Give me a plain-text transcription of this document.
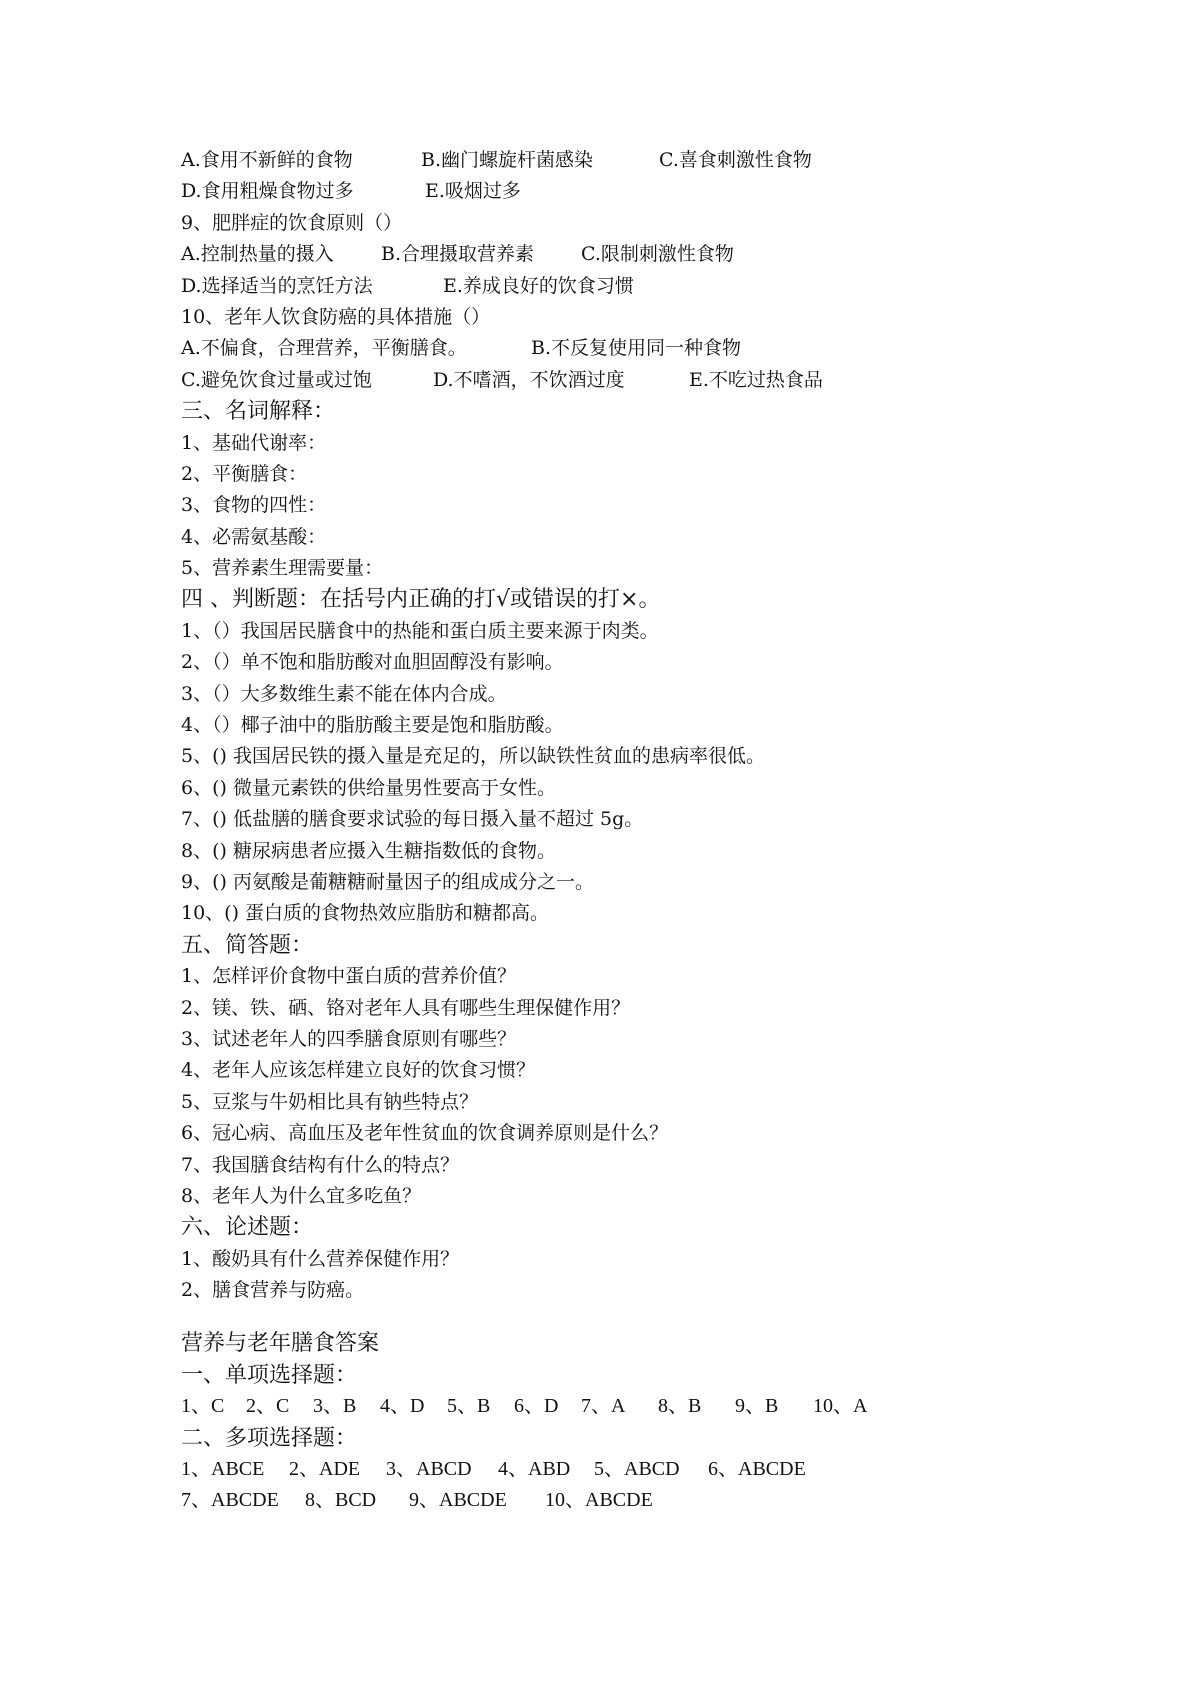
A.食用不新鲜的食物	B.幽门螺旋杆菌感染	C.喜食刺激性食物
D.食用粗燥食物过多	E.吸烟过多
9、肥胖症的饮食原则（）
A.控制热量的摄入 B.合理摄取营养素 C.限制刺激性食物
D.选择适当的烹饪方法	E.养成良好的饮食习惯
10、老年人饮食防癌的具体措施（）
A.不偏食，合理营养，平衡膳食。	B.不反复使用同一种食物
C.避免饮食过量或过饱	D.不嗜酒，不饮酒过度	E.不吃过热食品
三、名词解释：
1、基础代谢率：
2、平衡膳食：
3、食物的四性：
4、必需氨基酸：
5、营养素生理需要量：
四 、判断题：在括号内正确的打√或错误的打×。
1、（）我国居民膳食中的热能和蛋白质主要来源于肉类。
2、（）单不饱和脂肪酸对血胆固醇没有影响。
3、（）大多数维生素不能在体内合成。
4、（）椰子油中的脂肪酸主要是饱和脂肪酸。
5、() 我国居民铁的摄入量是充足的，所以缺铁性贫血的患病率很低。
6、() 微量元素铁的供给量男性要高于女性。
7、() 低盐膳的膳食要求试验的每日摄入量不超过 5g。
8、() 糖尿病患者应摄入生糖指数低的食物。
9、() 丙氨酸是葡糖糖耐量因子的组成成分之一。
10、() 蛋白质的食物热效应脂肪和糖都高。
五、简答题：
1、怎样评价食物中蛋白质的营养价值？
2、镁、铁、硒、铬对老年人具有哪些生理保健作用？
3、试述老年人的四季膳食原则有哪些？
4、老年人应该怎样建立良好的饮食习惯？
5、豆浆与牛奶相比具有钠些特点？
6、冠心病、高血压及老年性贫血的饮食调养原则是什么？
7、我国膳食结构有什么的特点？
8、老年人为什么宜多吃鱼？
六、论述题：
1、酸奶具有什么营养保健作用？
2、膳食营养与防癌。
营养与老年膳食答案
一、单项选择题：
1、C 2、C 3、B 4、D 5、B 6、D 7、A 8、B 9、B 10、A
二、多项选择题：
1、ABCE 2、ADE 3、ABCD 4、ABD 5、ABCD 6、ABCDE
7、ABCDE 8、BCD 9、ABCDE 10、ABCDE
